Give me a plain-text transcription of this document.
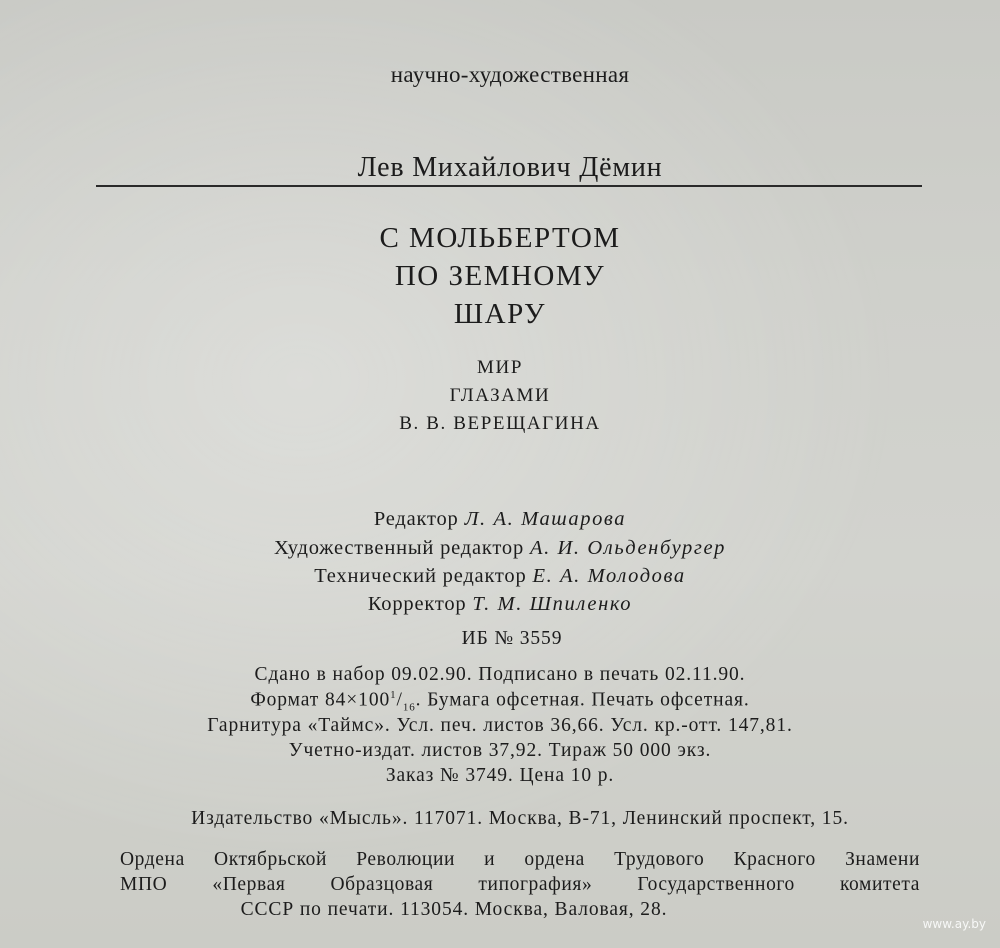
научно-художественная
Лев Михайлович Дёмин
С МОЛЬБЕРТОМ
ПО ЗЕМНОМУ
ШАРУ
МИР
ГЛАЗАМИ
В. В. ВЕРЕЩАГИНА
Редактор Л. А. Машарова
Художественный редактор А. И. Ольденбургер
Технический редактор Е. А. Молодова
Корректор Т. М. Шпиленко
ИБ № 3559
Сдано в набор 09.02.90. Подписано в печать 02.11.90.
Формат $84\times 100^1/_{16}$. Бумага офсетная. Печать офсетная.
Гарнитура «Таймс». Усл. печ. листов 36,66. Усл. кр.-отт. 147,81.
Учетно-издат. листов 37,92. Тираж 50 000 экз.
Заказ № 3749. Цена 10 р.
Издательство «Мысль». 117071. Москва, В-71, Ленинский проспект, 15.
Ордена Октябрьской Революции и ордена Трудового Красного Знамени
МПО «Первая Образцовая типография» Государственного комитета
СССР по печати. 113054. Москва, Валовая, 28.
www.ay.by
